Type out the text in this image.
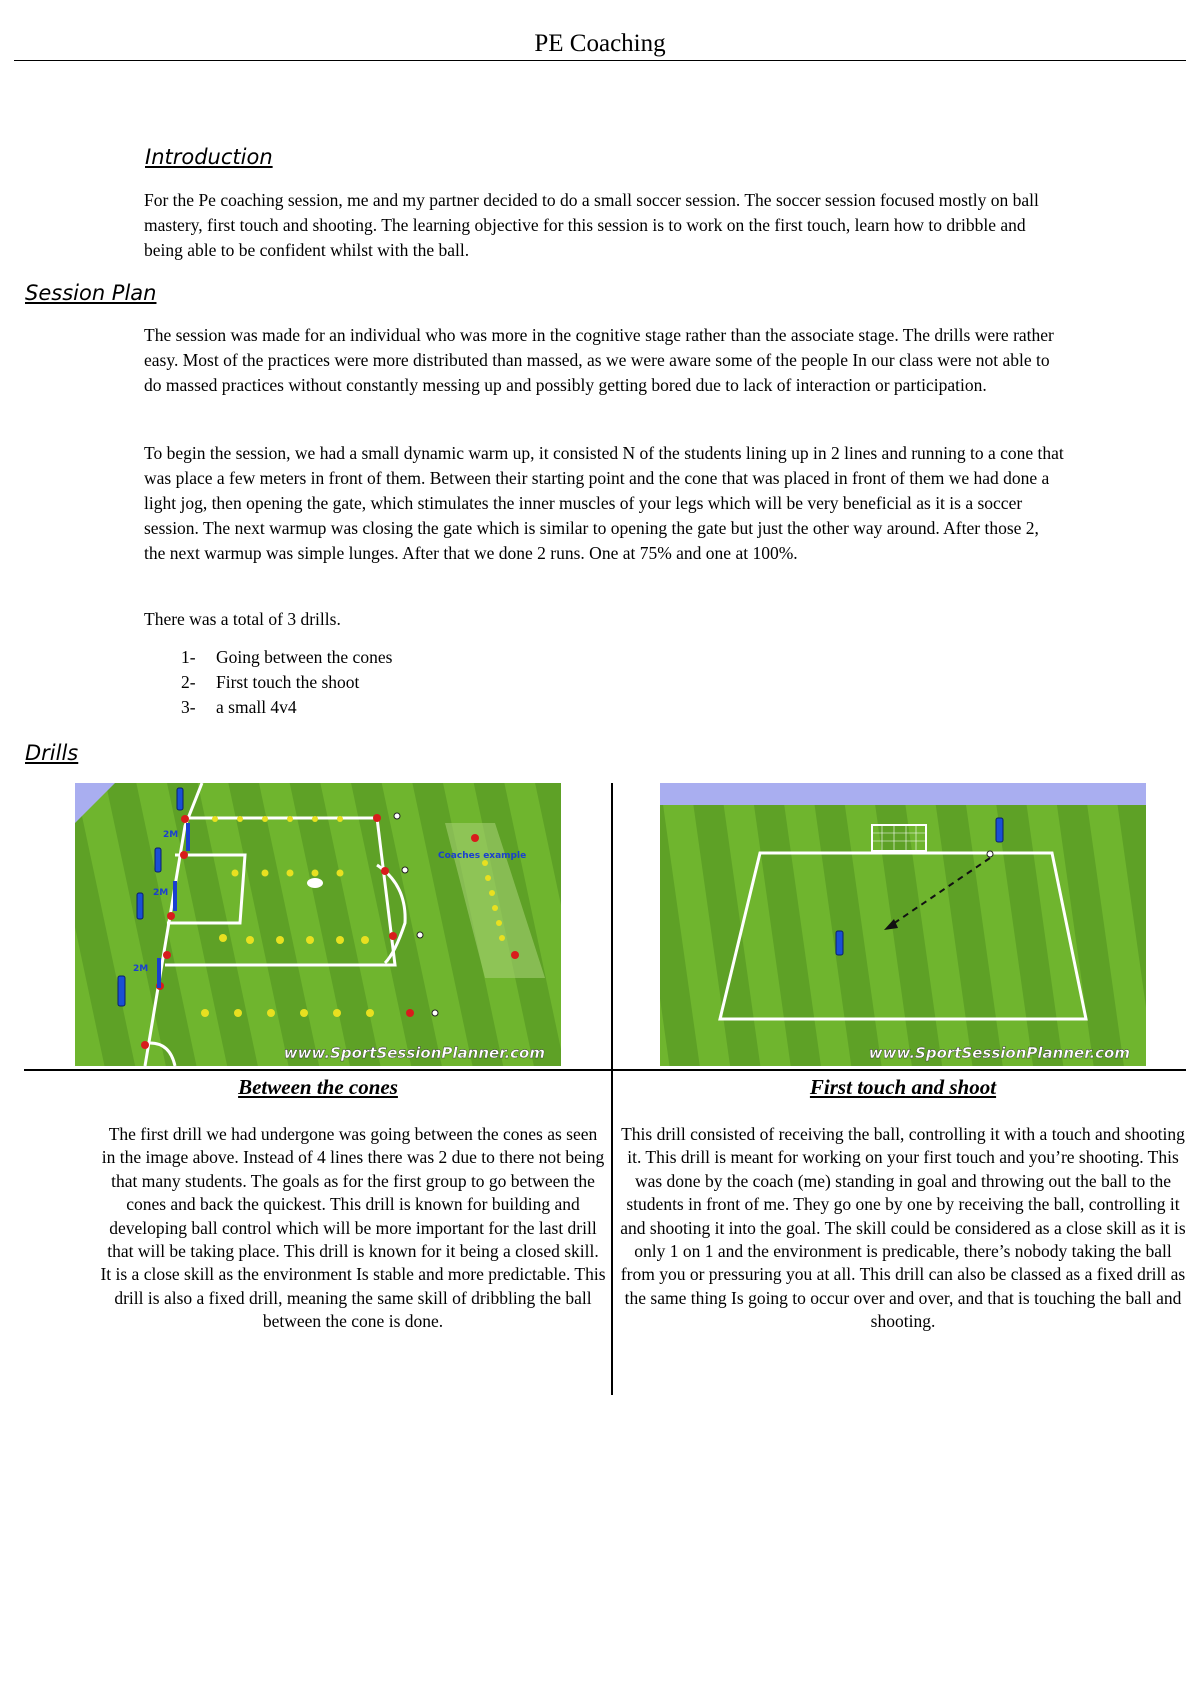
PE Coaching
Introduction

For the Pe coaching session, me and my partner decided to do a small soccer session. The soccer session focused mostly on ball mastery, first touch and shooting. The learning objective for this session is to work on the first touch, learn how to dribble and being able to be confident whilst with the ball.

Session Plan

The session was made for an individual who was more in the cognitive stage rather than the associate stage. The drills were rather easy. Most of the practices were more distributed than massed, as we were aware some of the people In our class were not able to do massed practices without constantly messing up and possibly getting bored due to lack of interaction or participation.

To begin the session, we had a small dynamic warm up, it consisted N of the students lining up in 2 lines and running to a cone that was place a few meters in front of them. Between their starting point and the cone that was placed in front of them we had done a light jog, then opening the gate, which stimulates the inner muscles of your legs which will be very beneficial as it is a soccer session. The next warmup was closing the gate which is similar to opening the gate but just the other way around. After those 2, the next warmup was simple lunges. After that we done 2 runs. One at 75% and one at 100%.

There was a total of 3 drills.

1-	Going between the cones
2-	First touch the shoot
3-	a small 4v4
Drills
2M
2M
2M
Coaches example
www.SportSessionPlanner.com	www.SportSessionPlanner.com

Between the cones

The first drill we had undergone was going between the cones as seen in the image above. Instead of 4 lines there was 2 due to there not being that many students. The goals as for the first group to go between the cones and back the quickest. This drill is known for building and developing ball control which will be more important for the last drill that will be taking place. This drill is known for it being a closed skill. It is a close skill as the environment Is stable and more predictable. This drill is also a fixed drill, meaning the same skill of dribbling the ball between the cone is done.

First touch and shoot

This drill consisted of receiving the ball, controlling it with a touch and shooting it. This drill is meant for working on your first touch and you’re shooting. This was done by the coach (me) standing in goal and throwing out the ball to the students in front of me. They go one by one by receiving the ball, controlling it and shooting it into the goal. The skill could be considered as a close skill as it is only 1 on 1 and the environment is predicable, there’s nobody taking the ball from you or pressuring you at all. This drill can also be classed as a fixed drill as the same thing Is going to occur over and over, and that is touching the ball and shooting.
